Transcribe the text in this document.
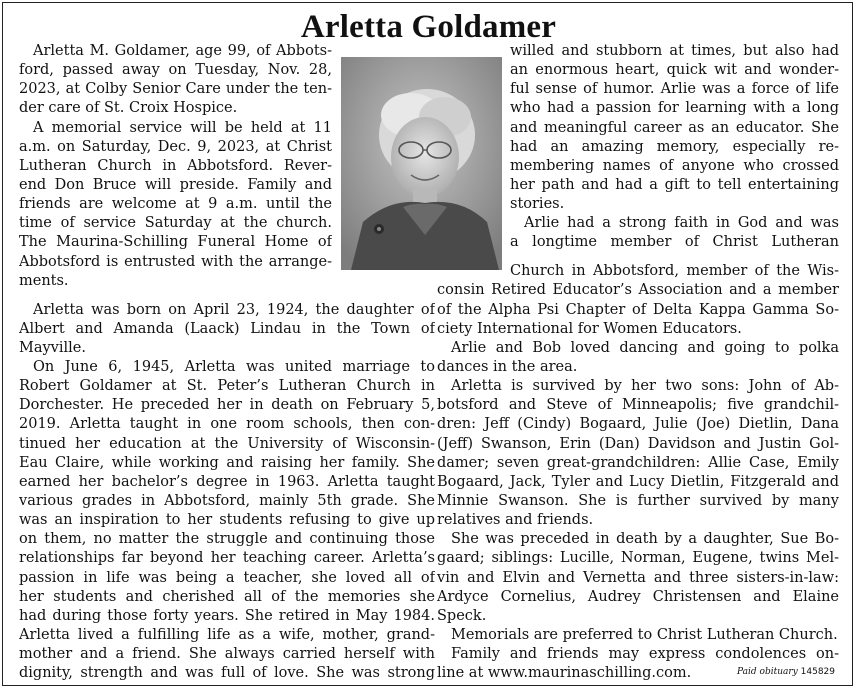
Arletta Goldamer
Arletta M. Goldamer, age 99, of Abbots-
ford, passed away on Tuesday, Nov. 28,
2023, at Colby Senior Care under the ten-
der care of St. Croix Hospice.
A memorial service will be held at 11
a.m. on Saturday, Dec. 9, 2023, at Christ
Lutheran Church in Abbotsford. Rever-
end Don Bruce will preside. Family and
friends are welcome at 9 a.m. until the
time of service Saturday at the church.
The Maurina-Schilling Funeral Home of
Abbotsford is entrusted with the arrange-
ments.
Arletta was born on April 23, 1924, the daughter of
Albert and Amanda (Laack) Lindau in the Town of
Mayville.
On June 6, 1945, Arletta was united marriage to
Robert Goldamer at St. Peter’s Lutheran Church in
Dorchester. He preceded her in death on February 5,
2019. Arletta taught in one room schools, then con-
tinued her education at the University of Wisconsin-
Eau Claire, while working and raising her family. She
earned her bachelor’s degree in 1963. Arletta taught
various grades in Abbotsford, mainly 5th grade. She
was an inspiration to her students refusing to give up
on them, no matter the struggle and continuing those
relationships far beyond her teaching career. Arletta’s
passion in life was being a teacher, she loved all of
her students and cherished all of the memories she
had during those forty years. She retired in May 1984.
Arletta lived a fulfilling life as a wife, mother, grand-
mother and a friend. She always carried herself with
dignity, strength and was full of love. She was strong
willed and stubborn at times, but also had
an enormous heart, quick wit and wonder-
ful sense of humor. Arlie was a force of life
who had a passion for learning with a long
and meaningful career as an educator. She
had an amazing memory, especially re-
membering names of anyone who crossed
her path and had a gift to tell entertaining
stories.
Arlie had a strong faith in God and was
a longtime member of Christ Lutheran
Church in Abbotsford, member of the Wis-
consin Retired Educator’s Association and a member
of the Alpha Psi Chapter of Delta Kappa Gamma So-
ciety International for Women Educators.
Arlie and Bob loved dancing and going to polka
dances in the area.
Arletta is survived by her two sons: John of Ab-
botsford and Steve of Minneapolis; five grandchil-
dren: Jeff (Cindy) Bogaard, Julie (Joe) Dietlin, Dana
(Jeff) Swanson, Erin (Dan) Davidson and Justin Gol-
damer; seven great-grandchildren: Allie Case, Emily
Bogaard, Jack, Tyler and Lucy Dietlin, Fitzgerald and
Minnie Swanson. She is further survived by many
relatives and friends.
She was preceded in death by a daughter, Sue Bo-
gaard; siblings: Lucille, Norman, Eugene, twins Mel-
vin and Elvin and Vernetta and three sisters-in-law:
Ardyce Cornelius, Audrey Christensen and Elaine
Speck.
Memorials are preferred to Christ Lutheran Church.
Family and friends may express condolences on-
line at www.maurinaschilling.com.	Paid obituary 145829
